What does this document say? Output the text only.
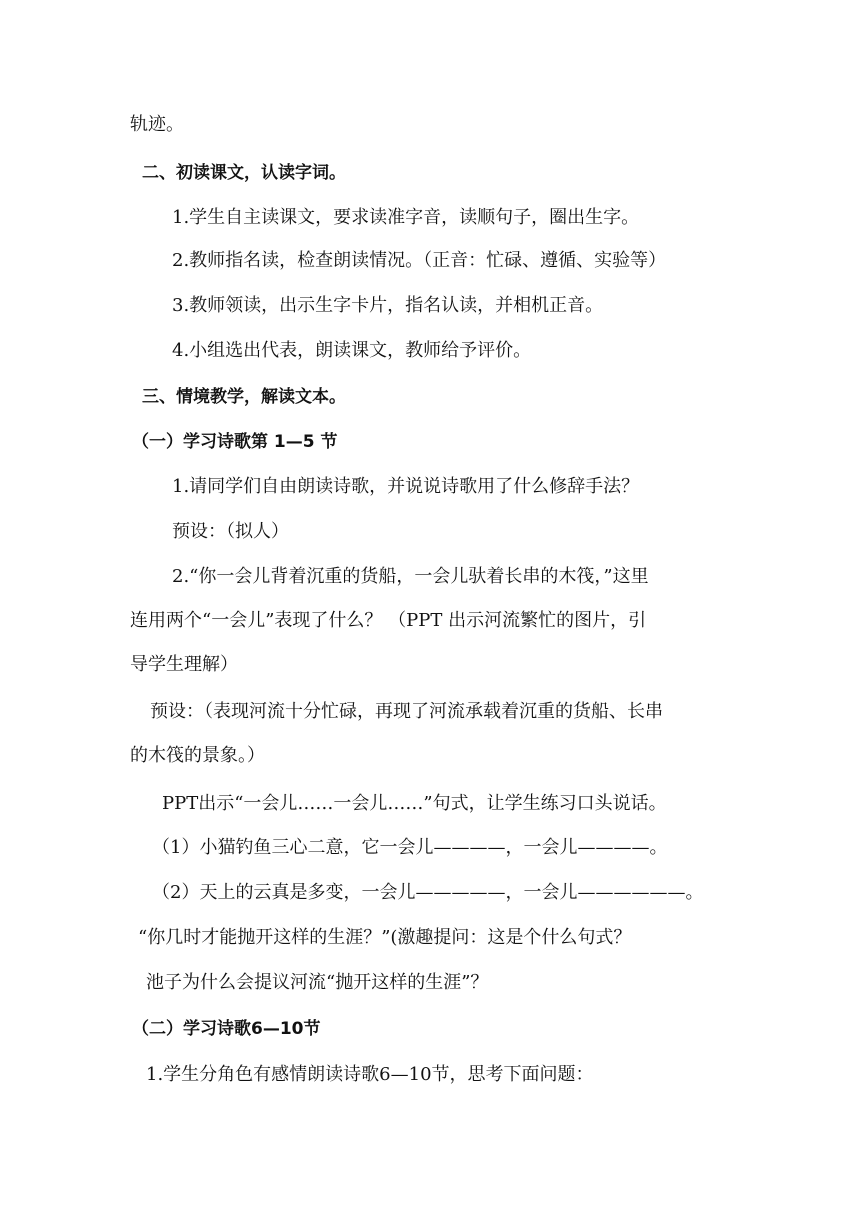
轨迹。
二、初读课文，认读字词。
1.学生自主读课文，要求读准字音，读顺句子，圈出生字。
2.教师指名读，检查朗读情况。（正音：忙碌、遵循、实验等）
3.教师领读，出示生字卡片，指名认读，并相机正音。
4.小组选出代表，朗读课文，教师给予评价。
三、情境教学，解读文本。
（一）学习诗歌第 1—5 节
1.请同学们自由朗读诗歌，并说说诗歌用了什么修辞手法？
预设：（拟人）
2.“你一会儿背着沉重的货船，一会儿驮着长串的木筏，”这里
连用两个“一会儿”表现了什么？ （PPT 出示河流繁忙的图片，引
导学生理解）
预设：（表现河流十分忙碌，再现了河流承载着沉重的货船、长串
的木筏的景象。）
PPT出示“一会儿……一会儿……”句式，让学生练习口头说话。
（1）小猫钓鱼三心二意，它一会儿————，一会儿————。
（2）天上的云真是多变，一会儿—————，一会儿——————。
“你几时才能抛开这样的生涯？”(激趣提问：这是个什么句式？
池子为什么会提议河流“抛开这样的生涯”？
（二）学习诗歌6—10节
1.学生分角色有感情朗读诗歌6—10节，思考下面问题：
